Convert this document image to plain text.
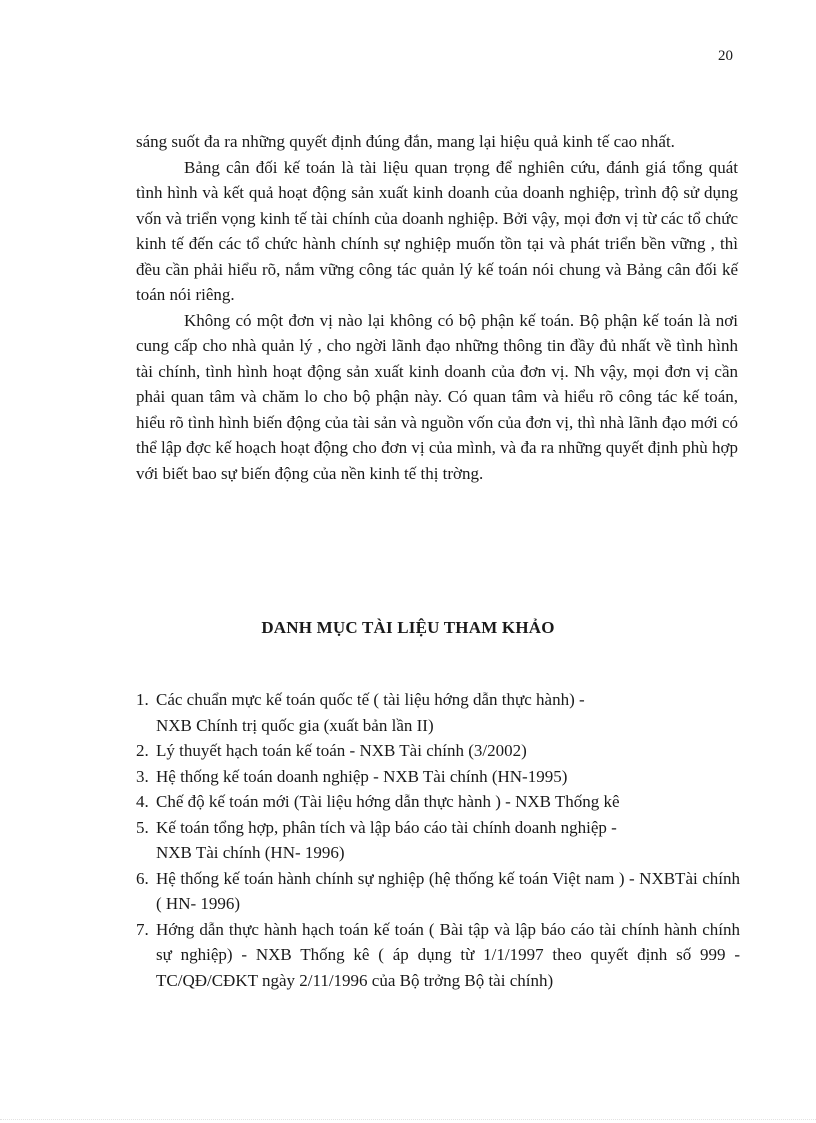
20

sáng suốt đa ra những quyết định đúng đắn, mang lại hiệu quả kinh tế cao nhất.

Bảng cân đối kế toán là tài liệu quan trọng để nghiên cứu, đánh giá tổng quát tình hình và kết quả hoạt động sản xuất kinh doanh của doanh nghiệp, trình độ sử dụng vốn và triển vọng kinh tế tài chính của doanh nghiệp. Bởi vậy, mọi đơn vị từ các tổ chức kinh tế đến các tổ chức hành chính sự nghiệp muốn tồn tại và phát triển bền vững , thì đều cần phải hiểu rõ, nắm vững công tác quản lý kế toán nói chung và Bảng cân đối kế toán nói riêng.

Không có một đơn vị nào lại không có bộ phận kế toán. Bộ phận kế toán là nơi cung cấp cho nhà quản lý , cho ngời lãnh đạo những thông tin đầy đủ nhất về tình hình tài chính, tình hình hoạt động sản xuất kinh doanh của đơn vị. Nh vậy, mọi đơn vị cần phải quan tâm và chăm lo cho bộ phận này. Có quan tâm và hiểu rõ công tác kế toán, hiểu rõ tình hình biến động của tài sản và nguồn vốn của đơn vị, thì nhà lãnh đạo mới có thể lập đợc kế hoạch hoạt động cho đơn vị của mình, và đa ra những quyết định phù hợp với biết bao sự biến động của nền kinh tế thị trờng.

DANH MỤC TÀI LIỆU THAM KHẢO
1. Các chuẩn mực kế toán quốc tế ( tài liệu hớng dẫn thực hành) -
NXB Chính trị quốc gia (xuất bản lần II)
2. Lý thuyết hạch toán kế toán - NXB Tài chính (3/2002)
3. Hệ thống kế toán doanh nghiệp - NXB Tài chính (HN-1995)
4. Chế độ kế toán mới (Tài liệu hớng dẫn thực hành ) - NXB Thống kê
5. Kế toán tổng hợp, phân tích và lập báo cáo tài chính doanh nghiệp -
NXB Tài chính (HN- 1996)
6. Hệ thống kế toán hành chính sự nghiệp (hệ thống kế toán Việt nam ) - NXBTài chính ( HN- 1996)
7. Hớng dẫn thực hành hạch toán kế toán ( Bài tập và lập báo cáo tài chính hành chính sự nghiệp) - NXB Thống kê ( áp dụng từ 1/1/1997 theo quyết định số 999 - TC/QĐ/CĐKT ngày 2/11/1996 của Bộ trởng Bộ tài chính)
